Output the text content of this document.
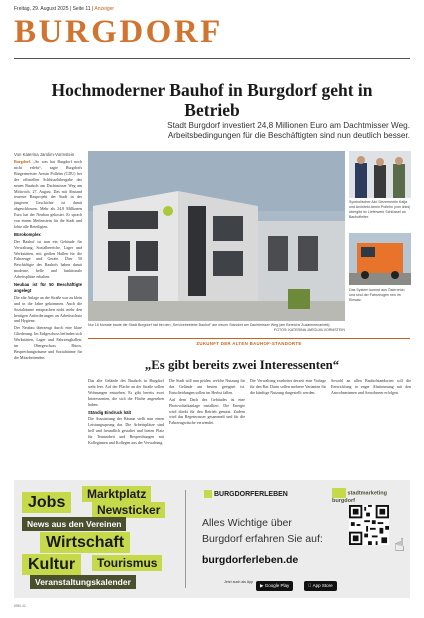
Freitag, 29. August 2025 | Seite 11 | Anzeiger
BURGDORF
Hochmoderner Bauhof in Burgdorf geht in Betrieb

Stadt Burgdorf investiert 24,8 Millionen Euro am Dachtmisser Weg. Arbeitsbedingungen für die Beschäftigten sind nun deutlich besser.

Von Katerina Jarolim-Vormstein

Burgdorf. „So was hat Burgdorf noch nicht erlebt“, sagte Burgdorfs Bürgermeister Armin Pollehn (CDU) bei der offiziellen Schlüsselübergabe des neuen Bauhofs am Dachtmisser Weg am Mittwoch, 27. August. Das mit Abstand teuerste Bauprojekt der Stadt in der jüngeren Geschichte ist damit abgeschlossen. Mehr als 24,8 Millionen Euro hat der Neubau gekostet. Er sprach von einem Meilenstein für die Stadt und lobte alle Beteiligten.

Bürokomplex

Der Bauhof ist nun ein Gebäude für Verwaltung, Sozialbereiche, Lager und Werkstätten, mit großen Hallen für die Fahrzeuge und Geräte. Über 50 Beschäftigte des Bauhofs haben damit moderne, helle und funktionale Arbeitsplätze erhalten.

Neubau ist für 50 Beschäftigte angelegt

Die alte Anlage an der Straße war zu klein und in die Jahre gekommen. Auch die Sozialräume entsprachen nicht mehr den heutigen Anforderungen an Arbeitsschutz und Hygiene.

Der Neubau überzeugt durch eine klare Gliederung. Im Erdgeschoss befinden sich Werkstätten, Lager und Fahrzeughallen, im Obergeschoss Büros, Besprechungsräume und Sozialräume für die Mitarbeitenden.

Nur 18 Monate baute die Stadt Burgdorf hat bei den „Servicebetriebe Bauhof“ am neuen Standort am Dachtmisser Weg (am Bereichs Zusammenarbeit).
FOTOS: KATERINA JAROLIM-VORMSTEIN
Symbolischer Akt: Dezernentin Katja und Architekt Armin Pollehn (von links) übergibt im Lieferwerk Schlüssel an Bauhofleiter.
Das System kommt aus Österreich und sind der Fahrzeugen neu im Einsatz.
ZUKUNFT DER ALTEN BAUHOF-STANDORTE
„Es gibt bereits zwei Interessenten“

Das alte Gelände des Bauhofs in Burgdorf steht leer. Auf der Fläche an der Straße sollen Wohnungen entstehen. Es gibt bereits zwei Interessenten, die sich die Fläche angesehen haben.

Ständig Eindruck hält

Die Ausstattung der Räume stellt nun einen Leistungssprung dar. Die Arbeitsplätze sind hell und freundlich gestaltet und bieten Platz für Teamarbeit und Besprechungen mit Kolleginnen und Kollegen aus der Verwaltung.

Die Stadt will nun prüfen, welche Nutzung für das Gelände am besten geeignet ist. Entscheidungen sollen im Herbst fallen.

Auf dem Dach des Gebäudes ist eine Photovoltaikanlage installiert. Die Energie wird direkt für den Betrieb genutzt. Zudem wird das Regenwasser gesammelt und für die Fahrzeugwäsche verwendet.

Die Verwaltung erarbeitet derzeit eine Vorlage für den Rat. Darin sollen mehrere Varianten für die künftige Nutzung dargestellt werden.

Sowohl an allen Bauhofstandorten soll die Entwicklung in enger Abstimmung mit den Anwohnerinnen und Anwohnern erfolgen.

Jobs	Marktplatz
Newsticker
News aus den Vereinen
Wirtschaft
Kultur	Tourismus
Veranstaltungskalender
BURGDORFERLEBEN	stadtmarketing burgdorf
Alles Wichtige über
Burgdorf erfahren Sie auf:
burgdorferleben.de
Jetzt auch als App
▶ Google Play	App Store
☝
8950-42
